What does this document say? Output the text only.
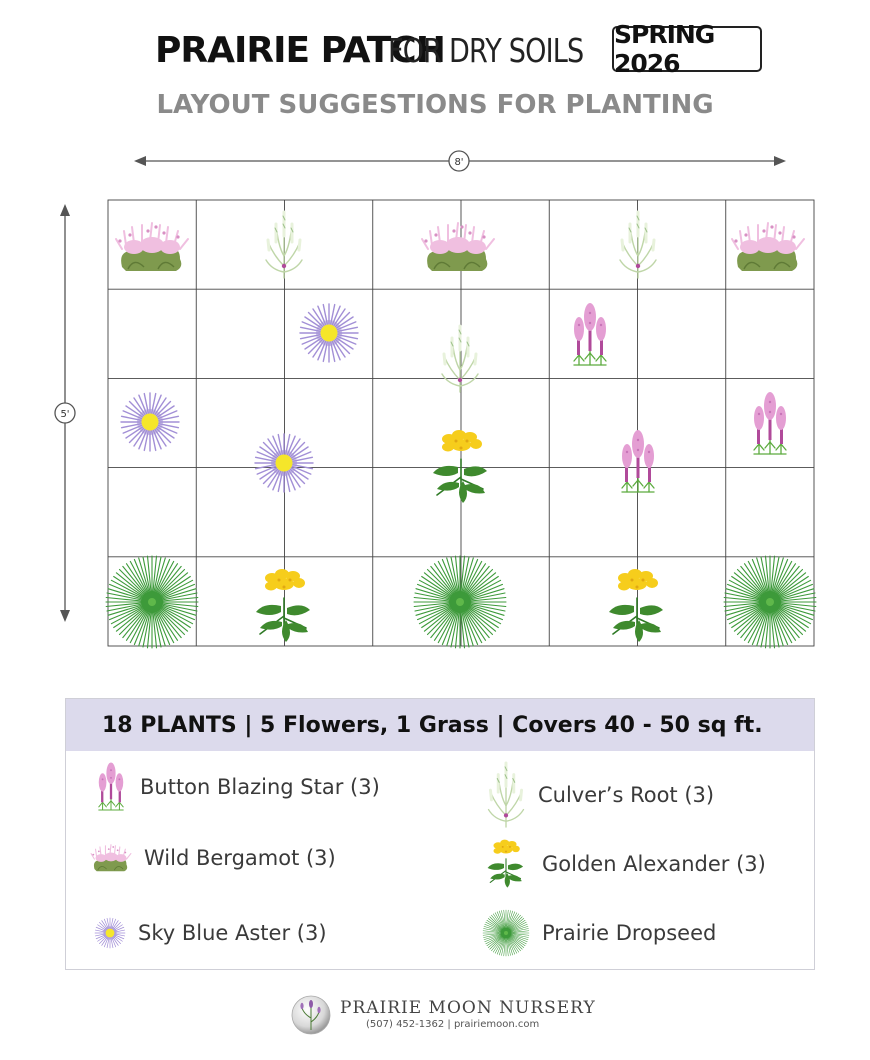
PRAIRIE PATCH
FOR DRY SOILS SPRING 2026
LAYOUT SUGGESTIONS FOR PLANTING
8'
5'
18 PLANTS | 5 Flowers, 1 Grass | Covers 40 - 50 sq ft.
Button Blazing Star (3)	Culver’s Root (3)
Wild Bergamot (3)	Golden Alexander (3)
Sky Blue Aster (3)	Prairie Dropseed
PRAIRIE MOON NURSERY
(507) 452-1362 | prairiemoon.com
